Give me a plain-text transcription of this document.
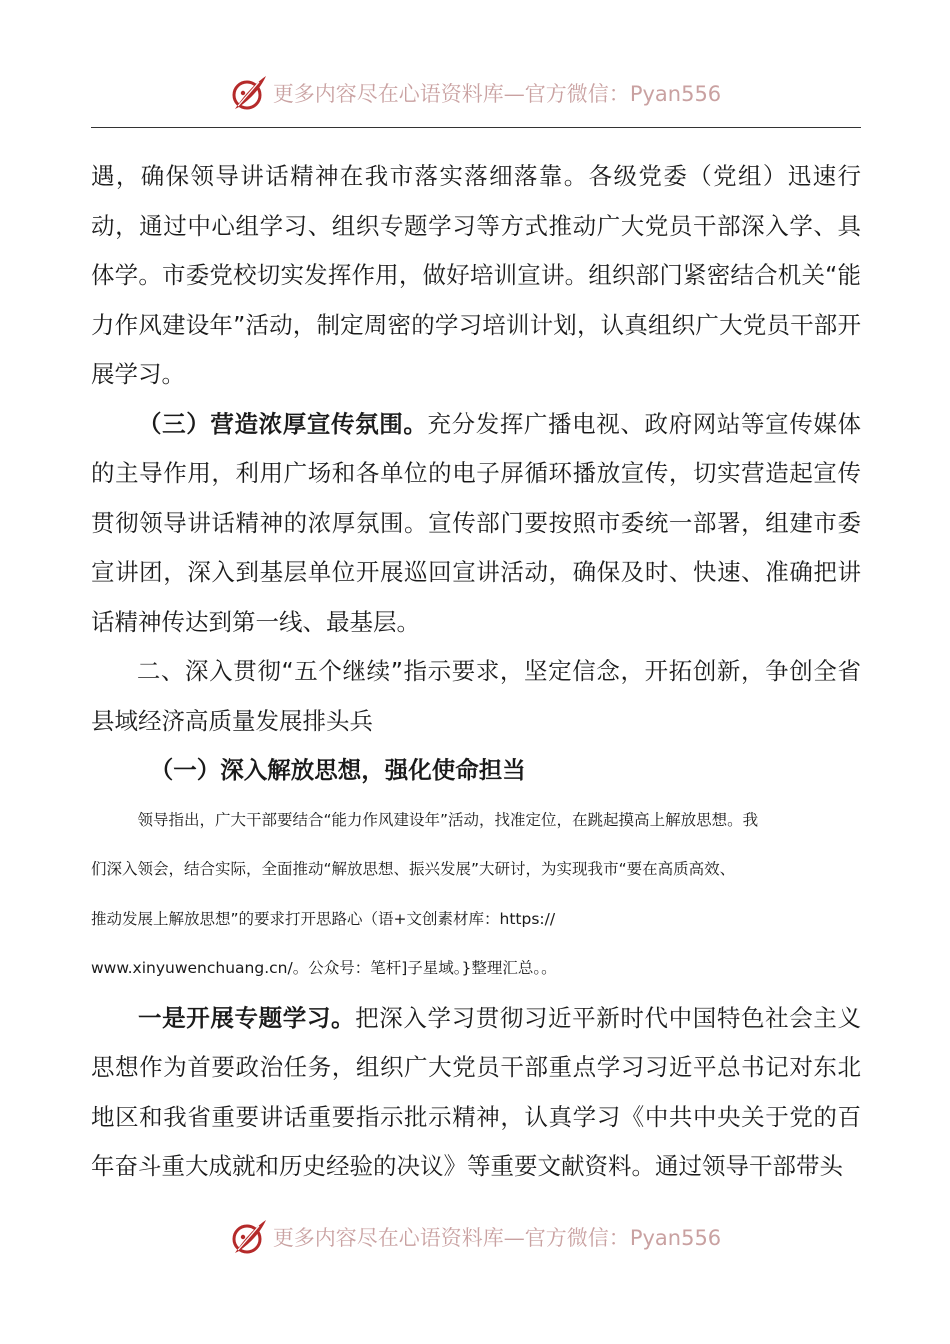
更多内容尽在心语资料库—官方微信：Pyan556

遇，确保领导讲话精神在我市落实落细落靠。各级党委（党组）迅速行动，通过中心组学习、组织专题学习等方式推动广大党员干部深入学、具体学。市委党校切实发挥作用，做好培训宣讲。组织部门紧密结合机关“能力作风建设年”活动，制定周密的学习培训计划，认真组织广大党员干部开展学习。

（三）营造浓厚宣传氛围。充分发挥广播电视、政府网站等宣传媒体的主导作用，利用广场和各单位的电子屏循环播放宣传，切实营造起宣传贯彻领导讲话精神的浓厚氛围。宣传部门要按照市委统一部署，组建市委宣讲团，深入到基层单位开展巡回宣讲活动，确保及时、快速、准确把讲话精神传达到第一线、最基层。

二、深入贯彻“五个继续”指示要求，坚定信念，开拓创新，争创全省县域经济高质量发展排头兵

（一）深入解放思想，强化使命担当

领导指出，广大干部要结合“能力作风建设年”活动，找准定位，在跳起摸高上解放思想。我

们深入领会，结合实际，全面推动“解放思想、振兴发展”大研讨，为实现我市“要在高质高效、

推动发展上解放思想”的要求打开思路心（语+文创素材库：https://

www.xinyuwenchuang.cn/。公众号：笔杆]子星域。}整理汇总。。

一是开展专题学习。把深入学习贯彻习近平新时代中国特色社会主义思想作为首要政治任务，组织广大党员干部重点学习习近平总书记对东北地区和我省重要讲话重要指示批示精神，认真学习《中共中央关于党的百年奋斗重大成就和历史经验的决议》等重要文献资料。通过领导干部带头

更多内容尽在心语资料库—官方微信：Pyan556
